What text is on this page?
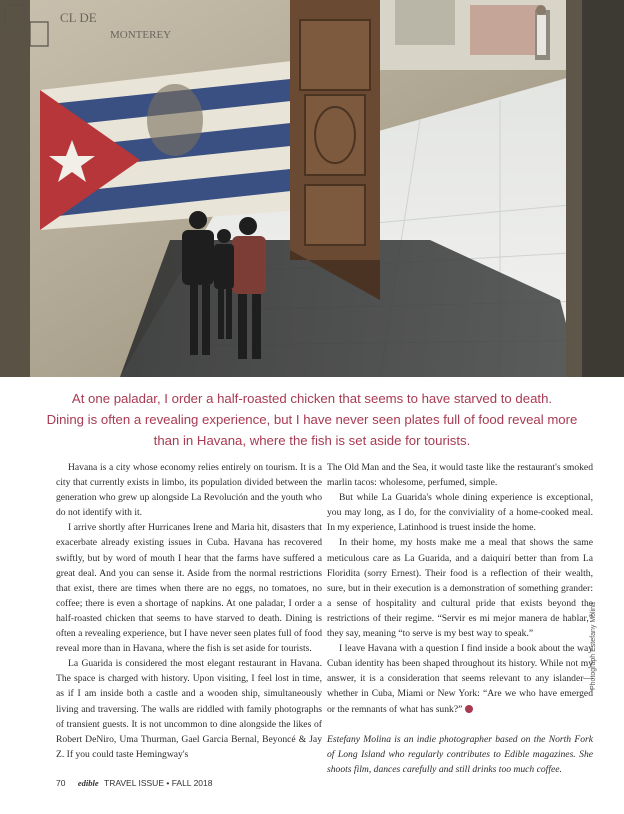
CL DE
MONTEREY

At one paladar, I order a half-roasted chicken that seems to have starved to death.

Dining is often a revealing experience, but I have never seen plates full of food reveal more

than in Havana, where the fish is set aside for tourists.

Havana is a city whose economy relies entirely on tourism. It is a city that currently exists in limbo, its population divided between the generation who grew up alongside La Revolución and the youth who do not identify with it.

I arrive shortly after Hurricanes Irene and Maria hit, disasters that exacerbate already existing issues in Cuba. Havana has recovered swiftly, but by word of mouth I hear that the farms have suffered a great deal. And you can sense it. Aside from the normal restrictions that exist, there are times when there are no eggs, no tomatoes, no coffee; there is even a shortage of napkins. At one paladar, I order a half-roasted chicken that seems to have starved to death. Dining is often a revealing experience, but I have never seen plates full of food reveal more than in Havana, where the fish is set aside for tourists.

La Guarida is considered the most elegant restaurant in Havana. The space is charged with history. Upon visiting, I feel lost in time, as if I am inside both a castle and a wooden ship, simultaneously living and traversing. The walls are riddled with family photographs of transient guests. It is not uncommon to dine alongside the likes of Robert DeNiro, Uma Thurman, Gael Garcia Bernal, Beyoncé & Jay Z. If you could taste Hemingway's

The Old Man and the Sea, it would taste like the restaurant's smoked marlin tacos: wholesome, perfumed, simple.

But while La Guarida's whole dining experience is exceptional, you may long, as I do, for the conviviality of a home-cooked meal. In my experience, Latinhood is truest inside the home.

In their home, my hosts make me a meal that shows the same meticulous care as La Guarida, and a daiquirí better than from La Floridita (sorry Ernest). Their food is a reflection of their wealth, sure, but in their execution is a demonstration of something grander: a sense of hospitality and cultural pride that exists beyond the restrictions of their regime. “Servir es mi mejor manera de hablar,” they say, meaning “to serve is my best way to speak.”

I leave Havana with a question I find inside a book about the way Cuban identity has been shaped throughout its history. While not my answer, it is a consideration that seems relevant to any islander—whether in Cuba, Miami or New York: “Are we who have emerged or the remnants of what has sunk?”

Estefany Molina is an indie photographer based on the North Fork of Long Island who regularly contributes to Edible magazines. She shoots film, dances carefully and still drinks too much coffee.

Photograph Estefany Molina
70 edible TRAVEL ISSUE • FALL 2018
